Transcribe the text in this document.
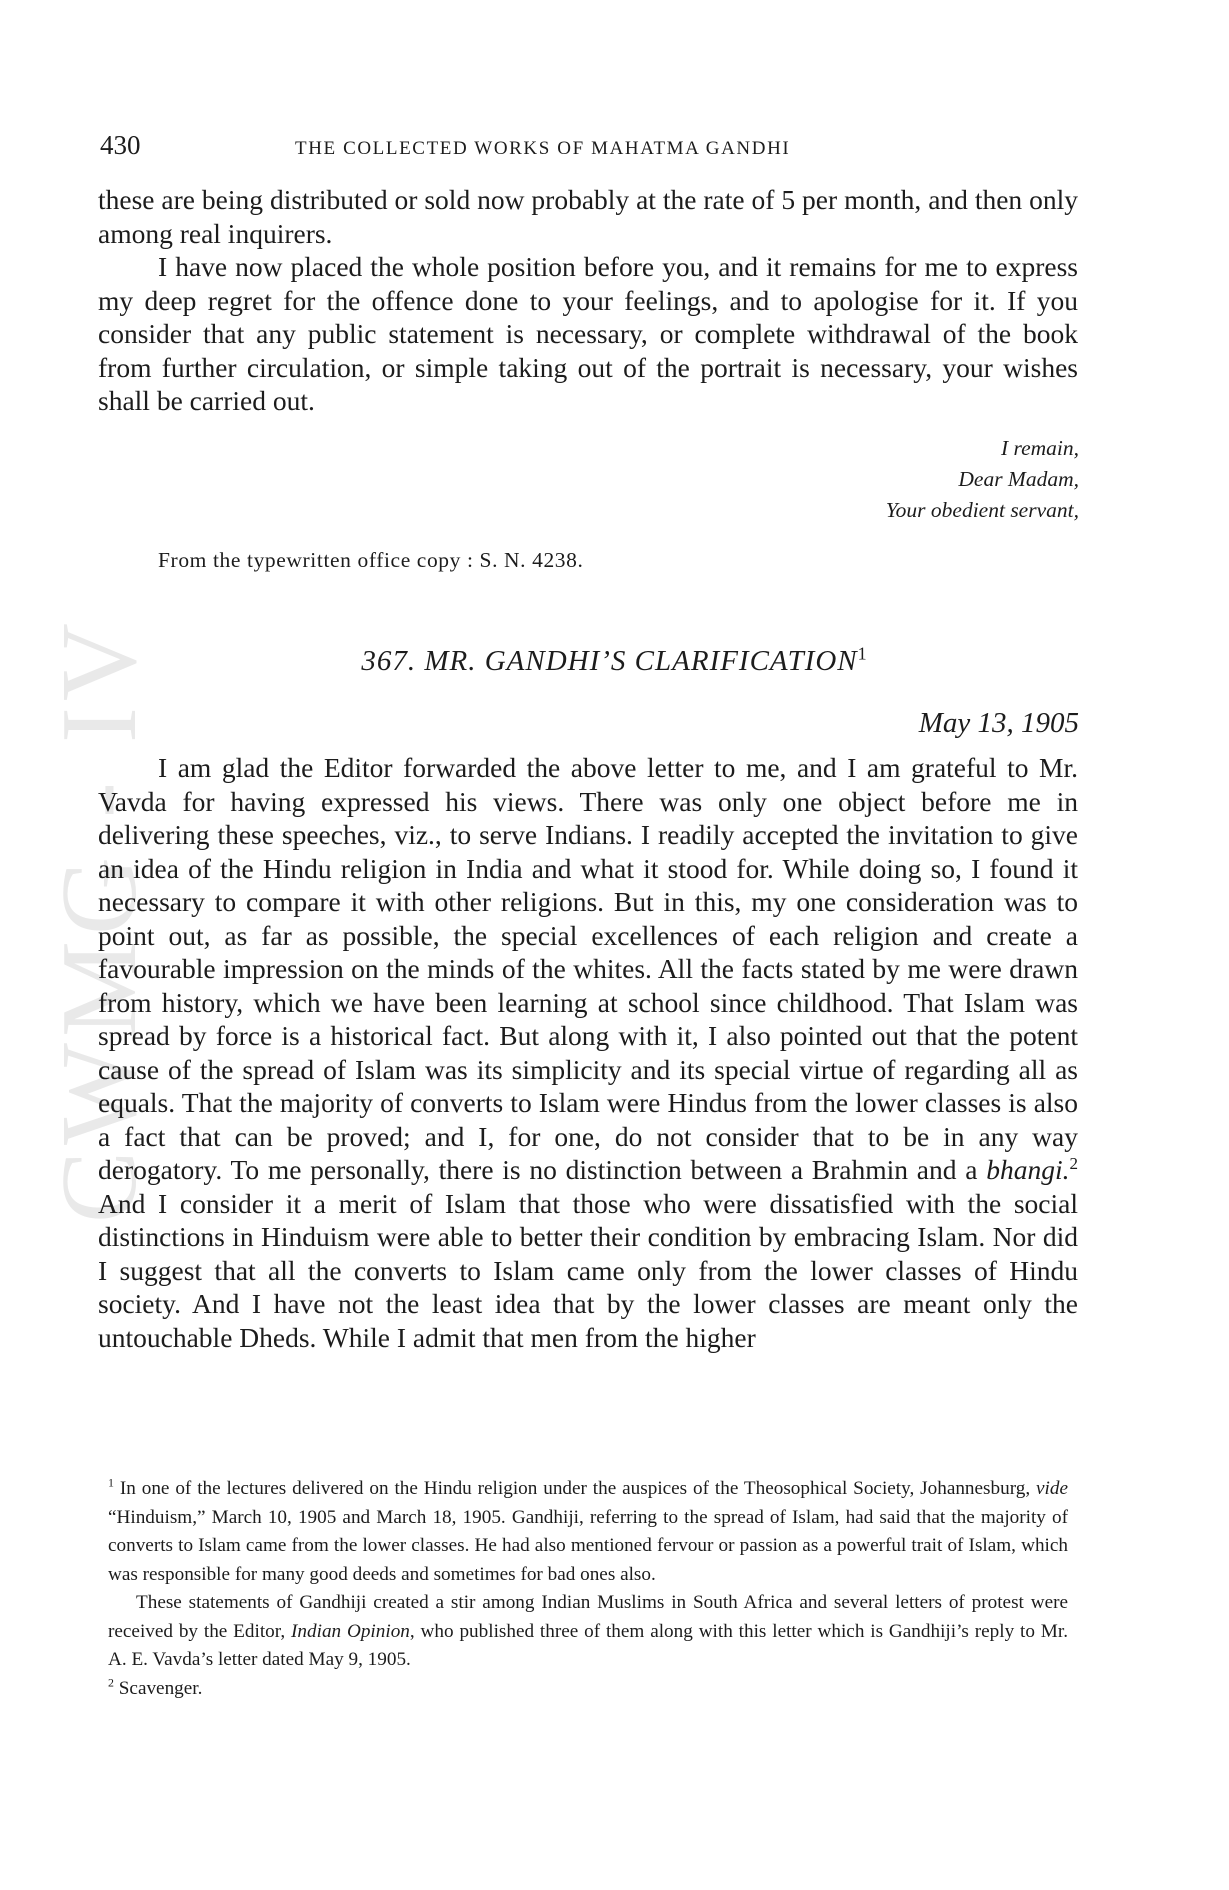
CWMG - IV
430	THE COLLECTED WORKS OF MAHATMA GANDHI

these are being distributed or sold now probably at the rate of 5 per month, and then only among real inquirers.

I have now placed the whole position before you, and it remains for me to express my deep regret for the offence done to your feelings, and to apologise for it. If you consider that any public statement is necessary, or complete withdrawal of the book from further circulation, or simple taking out of the portrait is necessary, your wishes shall be carried out.

I remain,
Dear Madam,
Your obedient servant,
From the typewritten office copy : S. N. 4238.
367. MR. GANDHI’S CLARIFICATION$^1$
May 13, 1905

I am glad the Editor forwarded the above letter to me, and I am grateful to Mr. Vavda for having expressed his views. There was only one object before me in delivering these speeches, viz., to serve Indians. I readily accepted the invitation to give an idea of the Hindu religion in India and what it stood for. While doing so, I found it necessary to compare it with other religions. But in this, my one consideration was to point out, as far as possible, the special excellences of each religion and create a favourable impression on the minds of the whites. All the facts stated by me were drawn from history, which we have been learning at school since childhood. That Islam was spread by force is a historical fact. But along with it, I also pointed out that the potent cause of the spread of Islam was its simplicity and its special virtue of regarding all as equals. That the majority of converts to Islam were Hindus from the lower classes is also a fact that can be proved; and I, for one, do not consider that to be in any way derogatory. To me personally, there is no distinction between a Brahmin and a bhangi.$^2$ And I consider it a merit of Islam that those who were dissatisfied with the social distinctions in Hinduism were able to better their condition by embracing Islam. Nor did I suggest that all the converts to Islam came only from the lower classes of Hindu society. And I have not the least idea that by the lower classes are meant only the untouchable Dheds. While I admit that men from the higher

$^1$ In one of the lectures delivered on the Hindu religion under the auspices of the Theosophical Society, Johannesburg, vide “Hinduism,” March 10, 1905 and March 18, 1905. Gandhiji, referring to the spread of Islam, had said that the majority of converts to Islam came from the lower classes. He had also mentioned fervour or passion as a powerful trait of Islam, which was responsible for many good deeds and sometimes for bad ones also.

These statements of Gandhiji created a stir among Indian Muslims in South Africa and several letters of protest were received by the Editor, Indian Opinion, who published three of them along with this letter which is Gandhiji’s reply to Mr. A. E. Vavda’s letter dated May 9, 1905.

$^2$ Scavenger.
